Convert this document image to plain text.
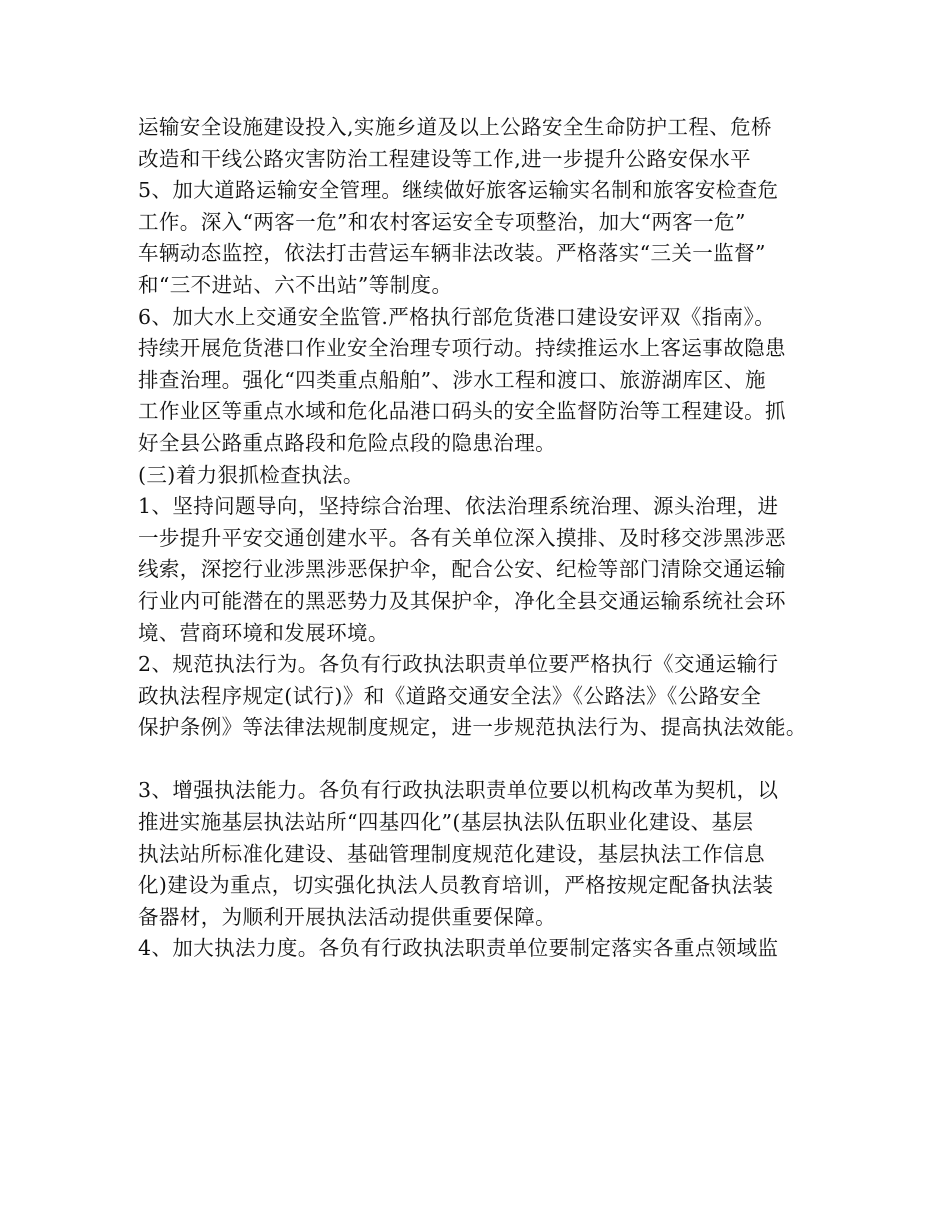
运输安全设施建设投入,实施乡道及以上公路安全生命防护工程、危桥
改造和干线公路灾害防治工程建设等工作,进一步提升公路安保水平
5、加大道路运输安全管理。继续做好旅客运输实名制和旅客安检查危
工作。深入“两客一危”和农村客运安全专项整治，加大“两客一危”
车辆动态监控，依法打击营运车辆非法改装。严格落实“三关一监督”
和“三不进站、六不出站”等制度。
6、加大水上交通安全监管.严格执行部危货港口建设安评双《指南》。
持续开展危货港口作业安全治理专项行动。持续推运水上客运事故隐患
排查治理。强化“四类重点船舶”、涉水工程和渡口、旅游湖库区、施
工作业区等重点水域和危化品港口码头的安全监督防治等工程建设。抓
好全县公路重点路段和危险点段的隐患治理。
(三)着力狠抓检查执法。
1、坚持问题导向，坚持综合治理、依法治理系统治理、源头治理，进
一步提升平安交通创建水平。各有关单位深入摸排、及时移交涉黑涉恶
线索，深挖行业涉黑涉恶保护伞，配合公安、纪检等部门清除交通运输
行业内可能潜在的黑恶势力及其保护伞，净化全县交通运输系统社会环
境、营商环境和发展环境。
2、规范执法行为。各负有行政执法职责单位要严格执行《交通运输行
政执法程序规定(试行)》和《道路交通安全法》《公路法》《公路安全
保护条例》等法律法规制度规定，进一步规范执法行为、提高执法效能。
3、增强执法能力。各负有行政执法职责单位要以机构改革为契机，以
推进实施基层执法站所“四基四化”(基层执法队伍职业化建设、基层
执法站所标准化建设、基础管理制度规范化建设，基层执法工作信息
化)建设为重点，切实强化执法人员教育培训，严格按规定配备执法装
备器材，为顺利开展执法活动提供重要保障。
4、加大执法力度。各负有行政执法职责单位要制定落实各重点领域监
